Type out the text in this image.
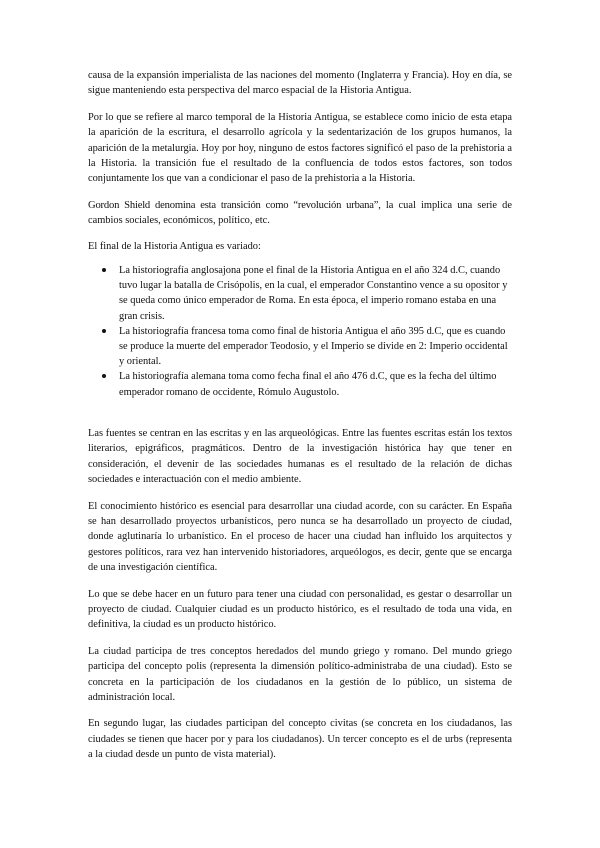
causa de la expansión imperialista de las naciones del momento (Inglaterra y Francia). Hoy en día, se sigue manteniendo esta perspectiva del marco espacial de la Historia Antigua.

Por lo que se refiere al marco temporal de la Historia Antigua, se establece como inicio de esta etapa la aparición de la escritura, el desarrollo agrícola y la sedentarización de los grupos humanos, la aparición de la metalurgia. Hoy por hoy, ninguno de estos factores significó el paso de la prehistoria a la Historia. la transición fue el resultado de la confluencia de todos estos factores, son todos conjuntamente los que van a condicionar el paso de la prehistoria a la Historia.

Gordon Shield denomina esta transición como “revolución urbana”, la cual implica una serie de cambios sociales, económicos, político, etc.

El final de la Historia Antigua es variado:

La historiografía anglosajona pone el final de la Historia Antigua en el año 324 d.C, cuando tuvo lugar la batalla de Crisópolis, en la cual, el emperador Constantino vence a su opositor y se queda como único emperador de Roma. En esta época, el imperio romano estaba en una gran crisis.
La historiografía francesa toma como final de historia Antigua el año 395 d.C, que es cuando se produce la muerte del emperador Teodosio, y el Imperio se divide en 2: Imperio occidental y oriental.
La historiografía alemana toma como fecha final el año 476 d.C, que es la fecha del último emperador romano de occidente, Rómulo Augustolo.

Las fuentes se centran en las escritas y en las arqueológicas. Entre las fuentes escritas están los textos literarios, epigráficos, pragmáticos. Dentro de la investigación histórica hay que tener en consideración, el devenir de las sociedades humanas es el resultado de la relación de dichas sociedades e interactuación con el medio ambiente.

El conocimiento histórico es esencial para desarrollar una ciudad acorde, con su carácter. En España se han desarrollado proyectos urbanísticos, pero nunca se ha desarrollado un proyecto de ciudad, donde aglutinaría lo urbanístico. En el proceso de hacer una ciudad han influido los arquitectos y gestores políticos, rara vez han intervenido historiadores, arqueólogos, es decir, gente que se encarga de una investigación científica.

Lo que se debe hacer en un futuro para tener una ciudad con personalidad, es gestar o desarrollar un proyecto de ciudad. Cualquier ciudad es un producto histórico, es el resultado de toda una vida, en definitiva, la ciudad es un producto histórico.

La ciudad participa de tres conceptos heredados del mundo griego y romano. Del mundo griego participa del concepto polis (representa la dimensión político-administraba de una ciudad). Esto se concreta en la participación de los ciudadanos en la gestión de lo público, un sistema de administración local.

En segundo lugar, las ciudades participan del concepto civitas (se concreta en los ciudadanos, las ciudades se tienen que hacer por y para los ciudadanos). Un tercer concepto es el de urbs (representa a la ciudad desde un punto de vista material).
